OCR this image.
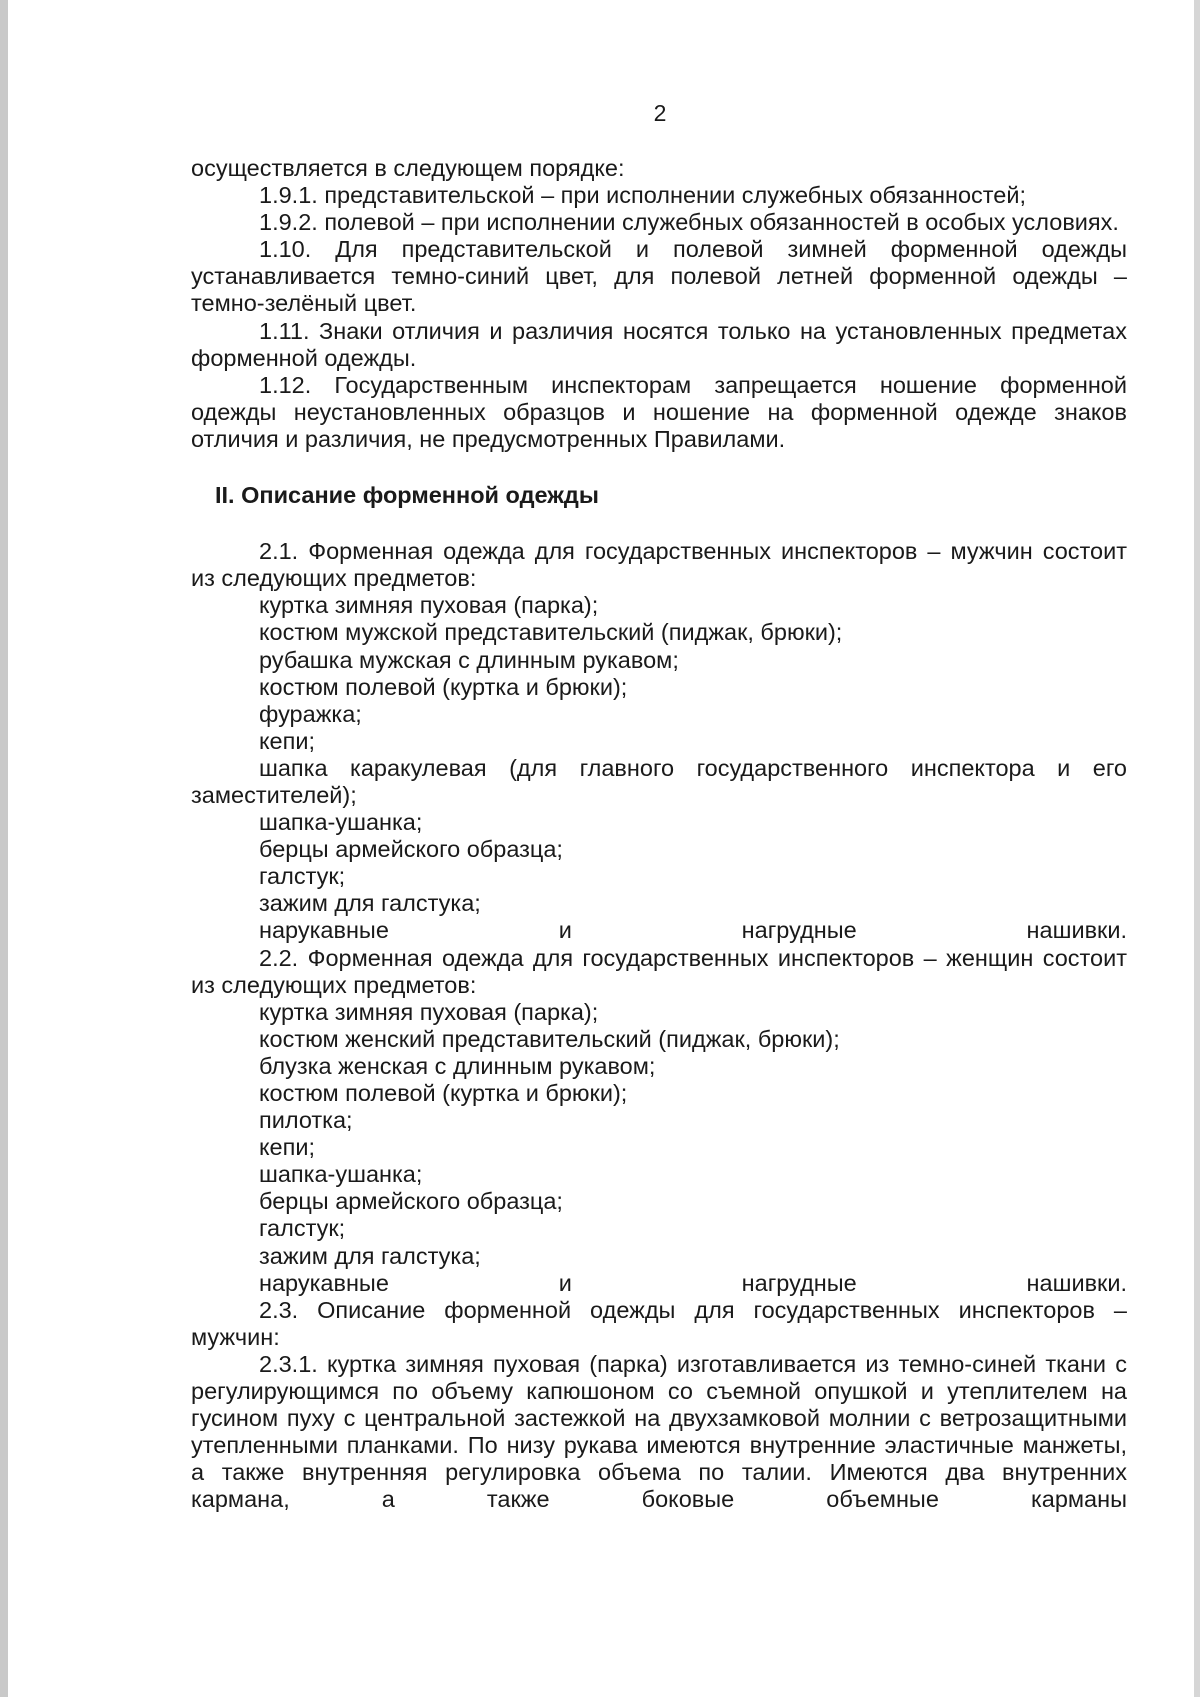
2

осуществляется в следующем порядке:

1.9.1. представительской – при исполнении служебных обязанностей;

1.9.2. полевой – при исполнении служебных обязанностей в особых условиях.

1.10. Для представительской и полевой зимней форменной одежды устанавливается темно-синий цвет, для полевой летней форменной одежды – темно-зелёный цвет.

1.11. Знаки отличия и различия носятся только на установленных предметах форменной одежды.

1.12. Государственным инспекторам запрещается ношение форменной одежды неустановленных образцов и ношение на форменной одежде знаков отличия и различия, не предусмотренных Правилами.

II. Описание форменной одежды

2.1. Форменная одежда для государственных инспекторов – мужчин состоит из следующих предметов:

куртка зимняя пуховая (парка);

костюм мужской представительский (пиджак, брюки);

рубашка мужская с длинным рукавом;

костюм полевой (куртка и брюки);

фуражка;

кепи;

шапка каракулевая (для главного государственного инспектора и его заместителей);

шапка-ушанка;

берцы армейского образца;

галстук;

зажим для галстука;

нарукавные и нагрудные нашивки.

2.2. Форменная одежда для государственных инспекторов – женщин состоит из следующих предметов:

куртка зимняя пуховая (парка);

костюм женский представительский (пиджак, брюки);

блузка женская с длинным рукавом;

костюм полевой (куртка и брюки);

пилотка;

кепи;

шапка-ушанка;

берцы армейского образца;

галстук;

зажим для галстука;

нарукавные и нагрудные нашивки.

2.3. Описание форменной одежды для государственных инспекторов – мужчин:

2.3.1. куртка зимняя пуховая (парка) изготавливается из темно-синей ткани с регулирующимся по объему капюшоном со съемной опушкой и утеплителем на гусином пуху с центральной застежкой на двухзамковой молнии с ветрозащитными утепленными планками. По низу рукава имеются внутренние эластичные манжеты, а также внутренняя регулировка объема по талии. Имеются два внутренних кармана, а также боковые объемные карманы
